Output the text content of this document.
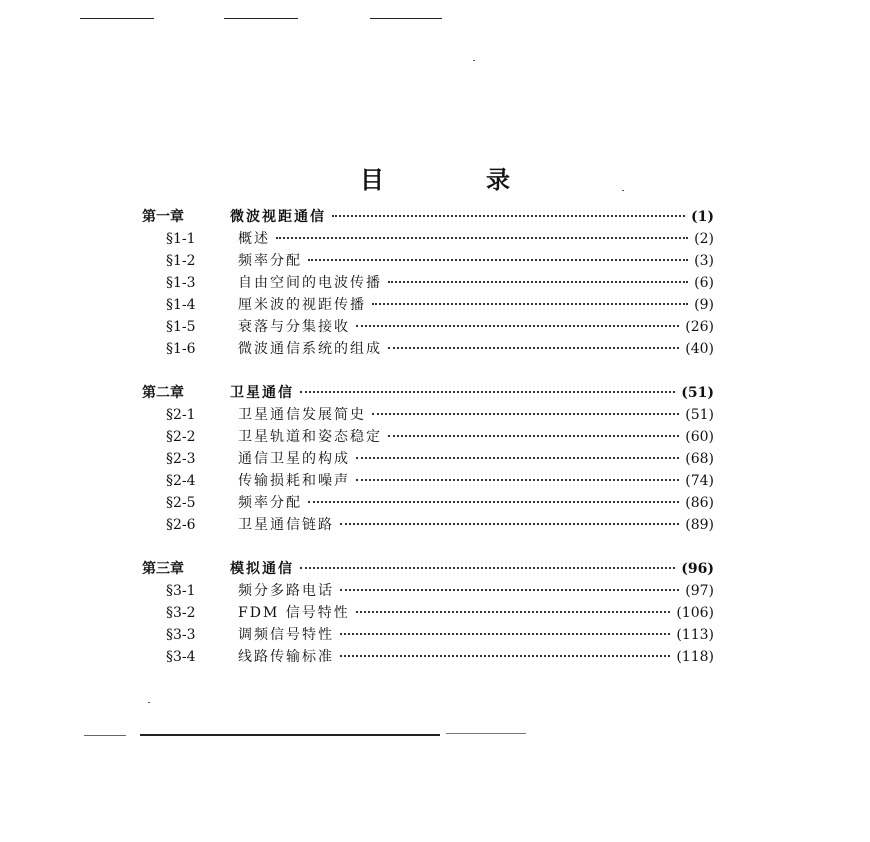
目	录
第一章	微波视距通信	(1)
§1-1	概述	(2)
§1-2	频率分配	(3)
§1-3	自由空间的电波传播	(6)
§1-4	厘米波的视距传播	(9)
§1-5	衰落与分集接收	(26)
§1-6	微波通信系统的组成	(40)
第二章	卫星通信	(51)
§2-1	卫星通信发展简史	(51)
§2-2	卫星轨道和姿态稳定	(60)
§2-3	通信卫星的构成	(68)
§2-4	传输损耗和噪声	(74)
§2-5	频率分配	(86)
§2-6	卫星通信链路	(89)
第三章	模拟通信	(96)
§3-1	频分多路电话	(97)
§3-2	FDM 信号特性	(106)
§3-3	调频信号特性	(113)
§3-4	线路传输标准	(118)
